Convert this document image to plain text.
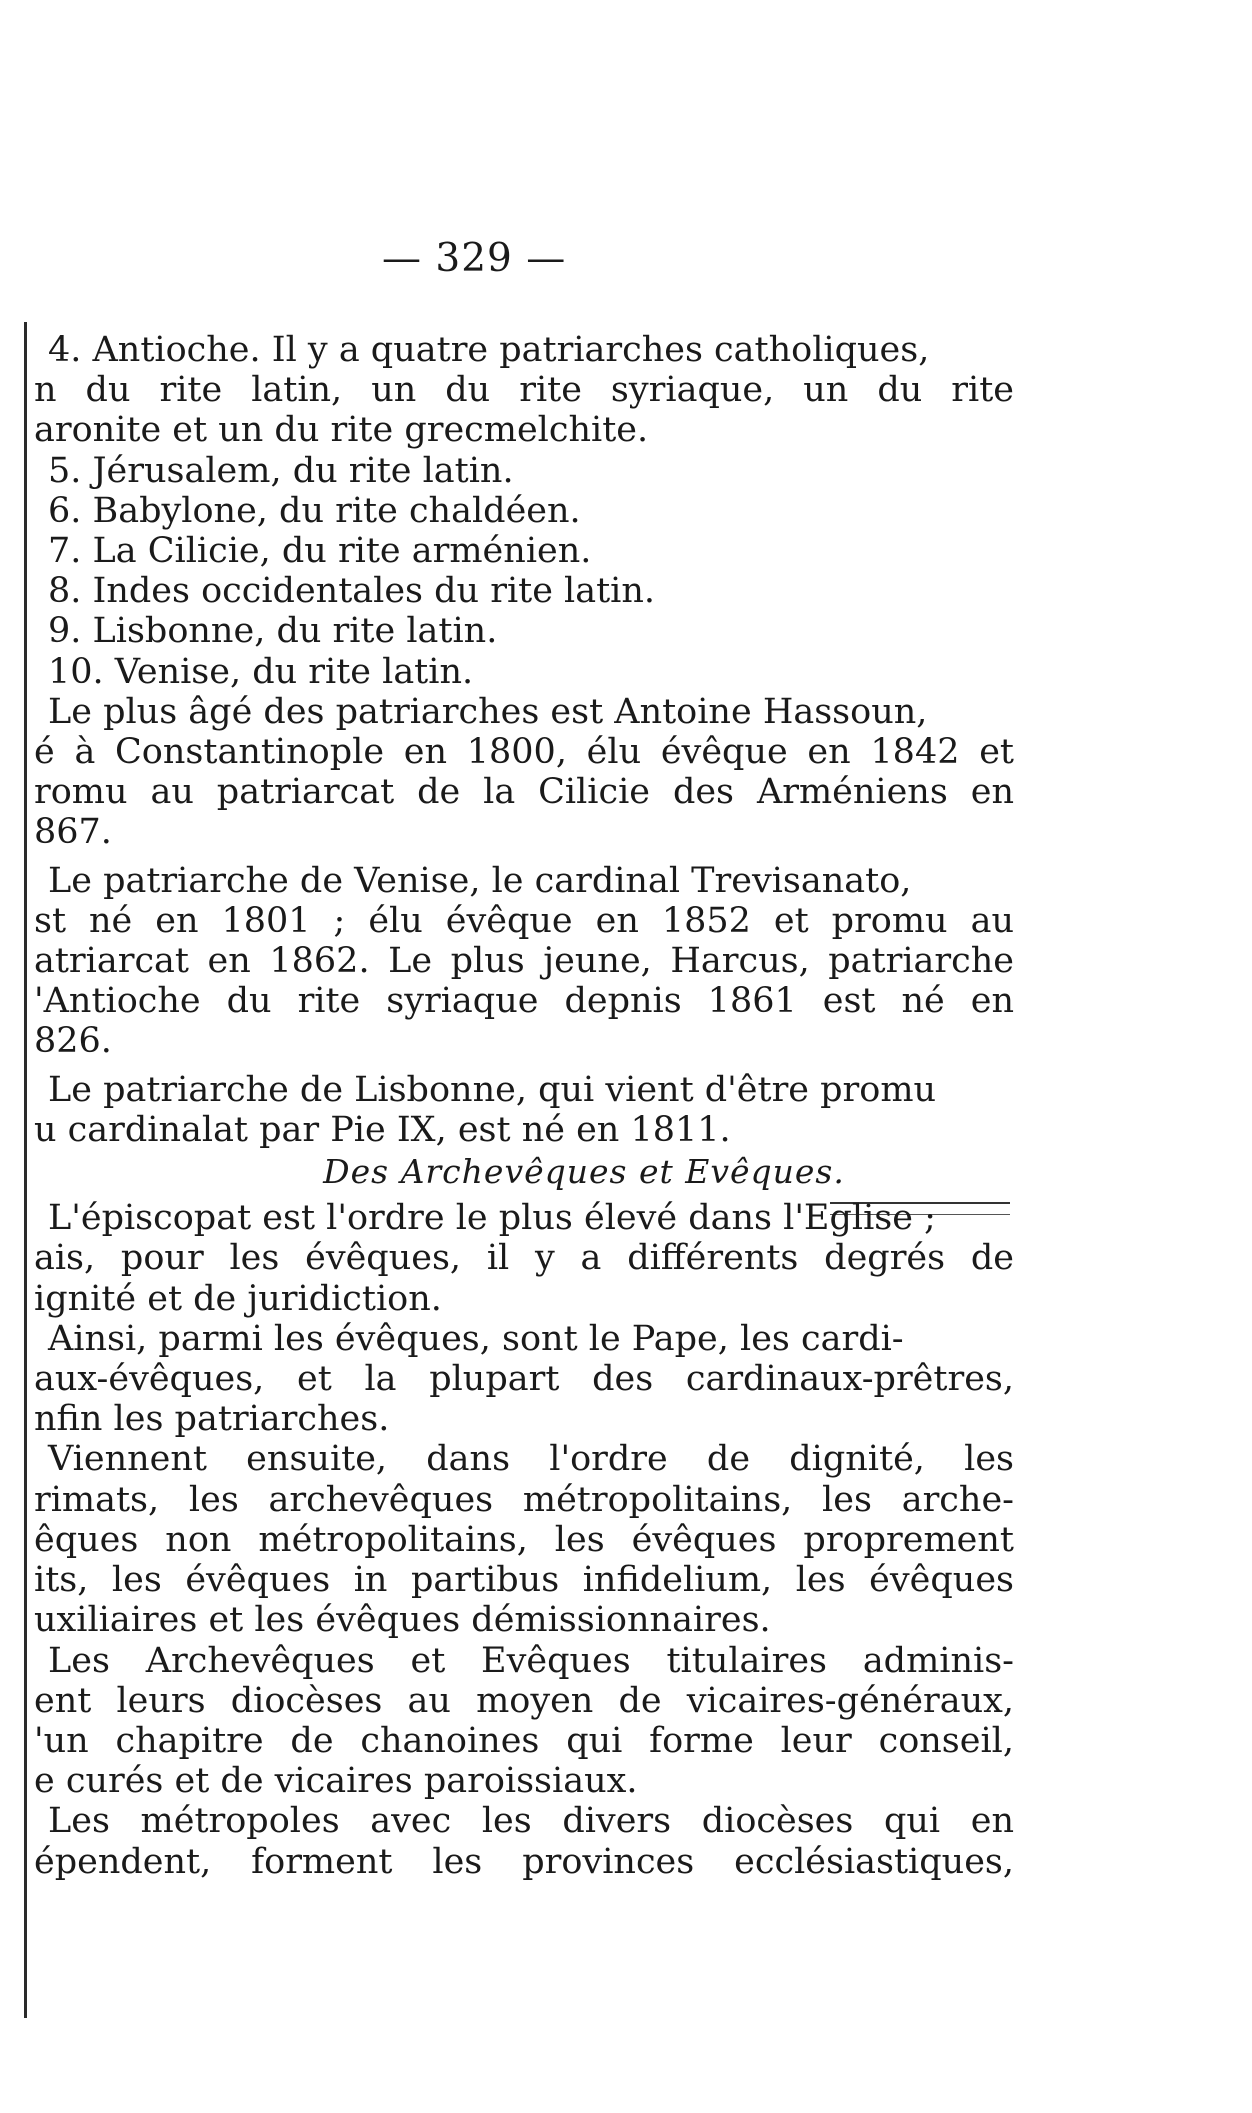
— 329 —
4. Antioche. Il y a quatre patriarches catholiques,
n du rite latin, un du rite syriaque, un du rite
aronite et un du rite grecmelchite.
5. Jérusalem, du rite latin.
6. Babylone, du rite chaldéen.
7. La Cilicie, du rite arménien.
8. Indes occidentales du rite latin.
9. Lisbonne, du rite latin.
10. Venise, du rite latin.
Le plus âgé des patriarches est Antoine Hassoun,
é à Constantinople en 1800, élu évêque en 1842 et
romu au patriarcat de la Cilicie des Arméniens en
867.
Le patriarche de Venise, le cardinal Trevisanato,
st né en 1801 ; élu évêque en 1852 et promu au
atriarcat en 1862. Le plus jeune, Harcus, patriarche
'Antioche du rite syriaque depnis 1861 est né en
826.
Le patriarche de Lisbonne, qui vient d'être promu
u cardinalat par Pie IX, est né en 1811.
Des Archevêques et Evêques.
L'épiscopat est l'ordre le plus élevé dans l'Eglise ;
ais, pour les évêques, il y a différents degrés de
ignité et de juridiction.
Ainsi, parmi les évêques, sont le Pape, les cardi-
aux-évêques, et la plupart des cardinaux-prêtres,
nfin les patriarches.
Viennent ensuite, dans l'ordre de dignité, les
rimats, les archevêques métropolitains, les arche-
êques non métropolitains, les évêques proprement
its, les évêques in partibus infidelium, les évêques
uxiliaires et les évêques démissionnaires.
Les Archevêques et Evêques titulaires adminis-
ent leurs diocèses au moyen de vicaires-généraux,
'un chapitre de chanoines qui forme leur conseil,
e curés et de vicaires paroissiaux.
Les métropoles avec les divers diocèses qui en
épendent, forment les provinces ecclésiastiques,
